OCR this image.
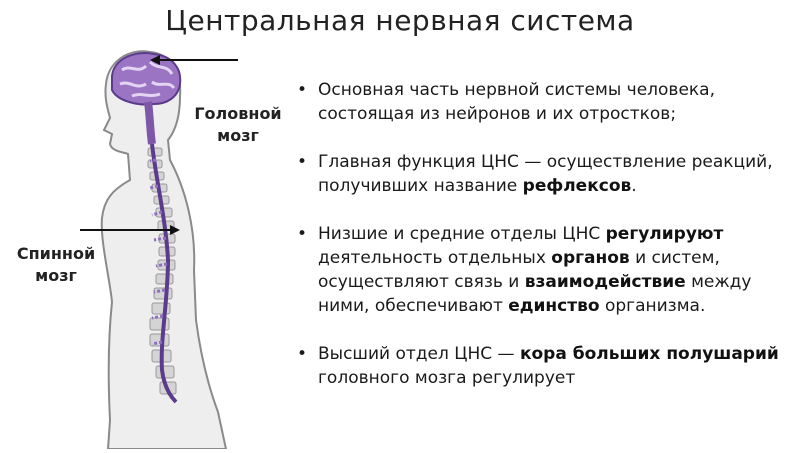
Центральная нервная система
Головной мозг
Спинной мозг
• Основная часть нервной системы человека, состоящая из нейронов и их отростков;
• Главная функция ЦНС — осуществление реакций, получивших название рефлексов.
• Низшие и средние отделы ЦНС регулируют деятельность отдельных органов и систем, осуществляют связь и взаимодействие между ними, обеспечивают единство организма.
• Высший отдел ЦНС — кора больших полушарий головного мозга регулирует
